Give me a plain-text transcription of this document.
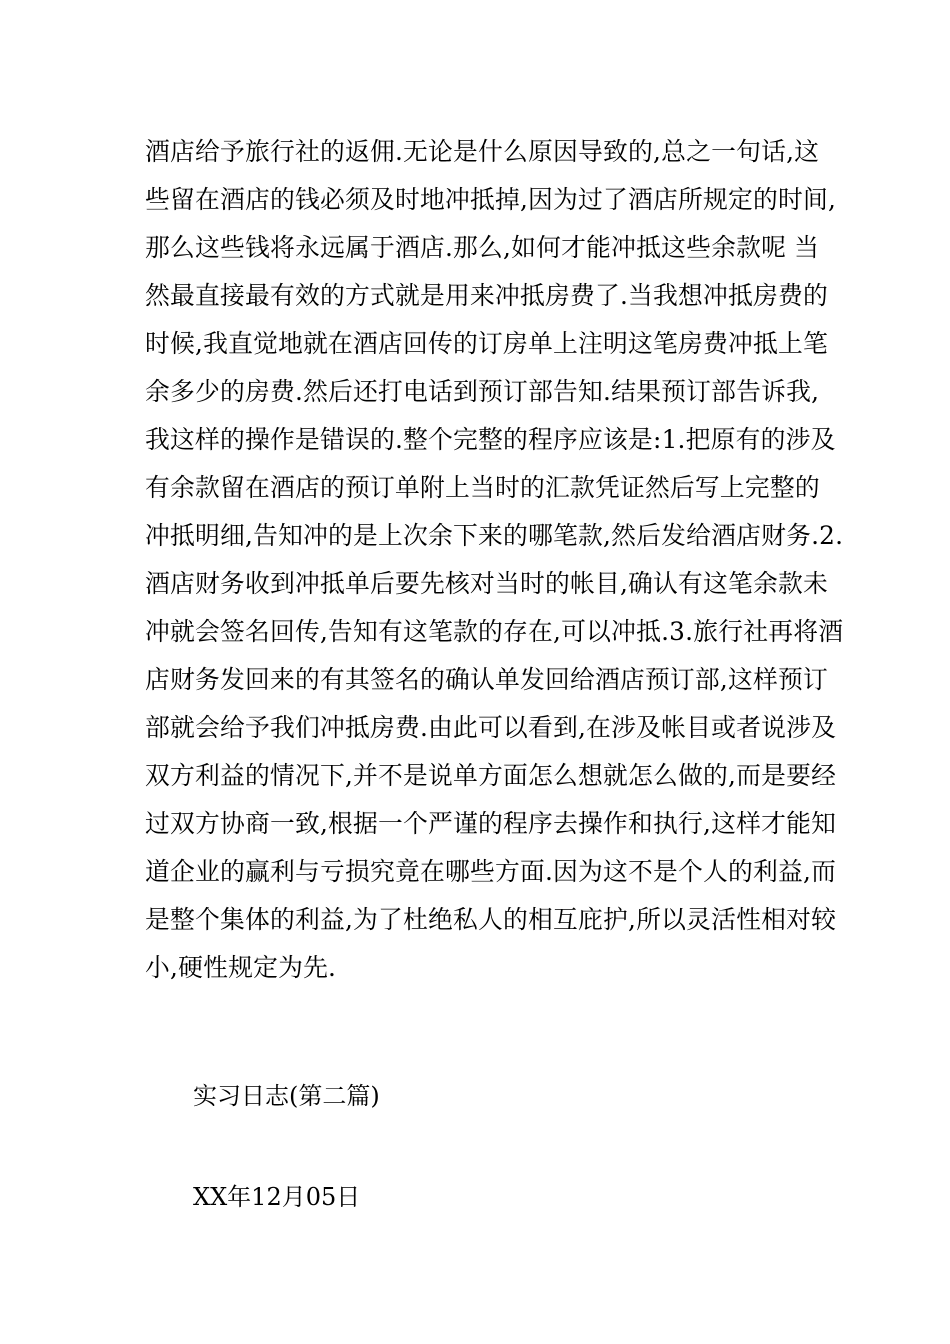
酒店给予旅行社的返佣.无论是什么原因导致的,总之一句话,这
些留在酒店的钱必须及时地冲抵掉,因为过了酒店所规定的时间,
那么这些钱将永远属于酒店.那么,如何才能冲抵这些余款呢 当
然最直接最有效的方式就是用来冲抵房费了.当我想冲抵房费的
时候,我直觉地就在酒店回传的订房单上注明这笔房费冲抵上笔
余多少的房费.然后还打电话到预订部告知.结果预订部告诉我,
我这样的操作是错误的.整个完整的程序应该是:1.把原有的涉及
有余款留在酒店的预订单附上当时的汇款凭证然后写上完整的
冲抵明细,告知冲的是上次余下来的哪笔款,然后发给酒店财务.2.
酒店财务收到冲抵单后要先核对当时的帐目,确认有这笔余款未
冲就会签名回传,告知有这笔款的存在,可以冲抵.3.旅行社再将酒
店财务发回来的有其签名的确认单发回给酒店预订部,这样预订
部就会给予我们冲抵房费.由此可以看到,在涉及帐目或者说涉及
双方利益的情况下,并不是说单方面怎么想就怎么做的,而是要经
过双方协商一致,根据一个严谨的程序去操作和执行,这样才能知
道企业的赢利与亏损究竟在哪些方面.因为这不是个人的利益,而
是整个集体的利益,为了杜绝私人的相互庇护,所以灵活性相对较
小,硬性规定为先.
实习日志(第二篇)

XX年12月05日
